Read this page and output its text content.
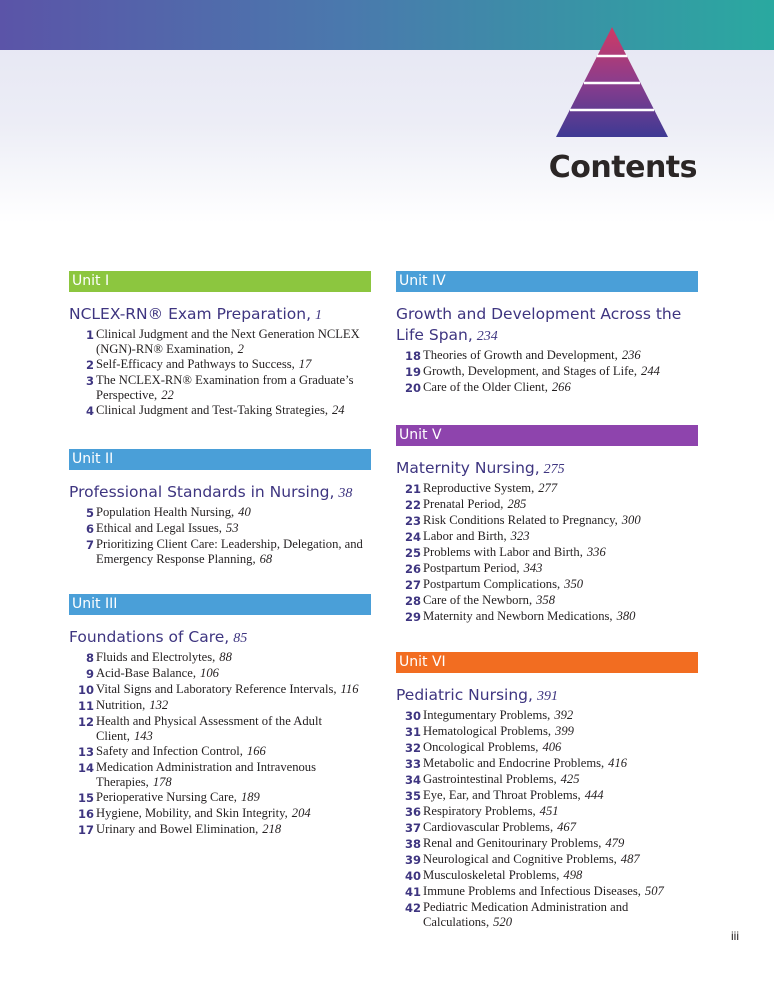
Contents
Unit I
NCLEX-RN® Exam Preparation, 1
1 Clinical Judgment and the Next Generation NCLEX (NGN)-RN® Examination, 2
2 Self-Efficacy and Pathways to Success, 17
3 The NCLEX-RN® Examination from a Graduate’s Perspective, 22
4 Clinical Judgment and Test-Taking Strategies, 24
Unit II
Professional Standards in Nursing, 38
5 Population Health Nursing, 40
6 Ethical and Legal Issues, 53
7 Prioritizing Client Care: Leadership, Delegation, and Emergency Response Planning, 68
Unit III
Foundations of Care, 85
8 Fluids and Electrolytes, 88
9 Acid-Base Balance, 106
10 Vital Signs and Laboratory Reference Intervals, 116
11 Nutrition, 132
12 Health and Physical Assessment of the Adult Client, 143
13 Safety and Infection Control, 166
14 Medication Administration and Intravenous Therapies, 178
15 Perioperative Nursing Care, 189
16 Hygiene, Mobility, and Skin Integrity, 204
17 Urinary and Bowel Elimination, 218
Unit IV
Growth and Development Across the Life Span, 234
18 Theories of Growth and Development, 236
19 Growth, Development, and Stages of Life, 244
20 Care of the Older Client, 266
Unit V
Maternity Nursing, 275
21 Reproductive System, 277
22 Prenatal Period, 285
23 Risk Conditions Related to Pregnancy, 300
24 Labor and Birth, 323
25 Problems with Labor and Birth, 336
26 Postpartum Period, 343
27 Postpartum Complications, 350
28 Care of the Newborn, 358
29 Maternity and Newborn Medications, 380
Unit VI
Pediatric Nursing, 391
30 Integumentary Problems, 392
31 Hematological Problems, 399
32 Oncological Problems, 406
33 Metabolic and Endocrine Problems, 416
34 Gastrointestinal Problems, 425
35 Eye, Ear, and Throat Problems, 444
36 Respiratory Problems, 451
37 Cardiovascular Problems, 467
38 Renal and Genitourinary Problems, 479
39 Neurological and Cognitive Problems, 487
40 Musculoskeletal Problems, 498
41 Immune Problems and Infectious Diseases, 507
42 Pediatric Medication Administration and Calculations, 520
iii
